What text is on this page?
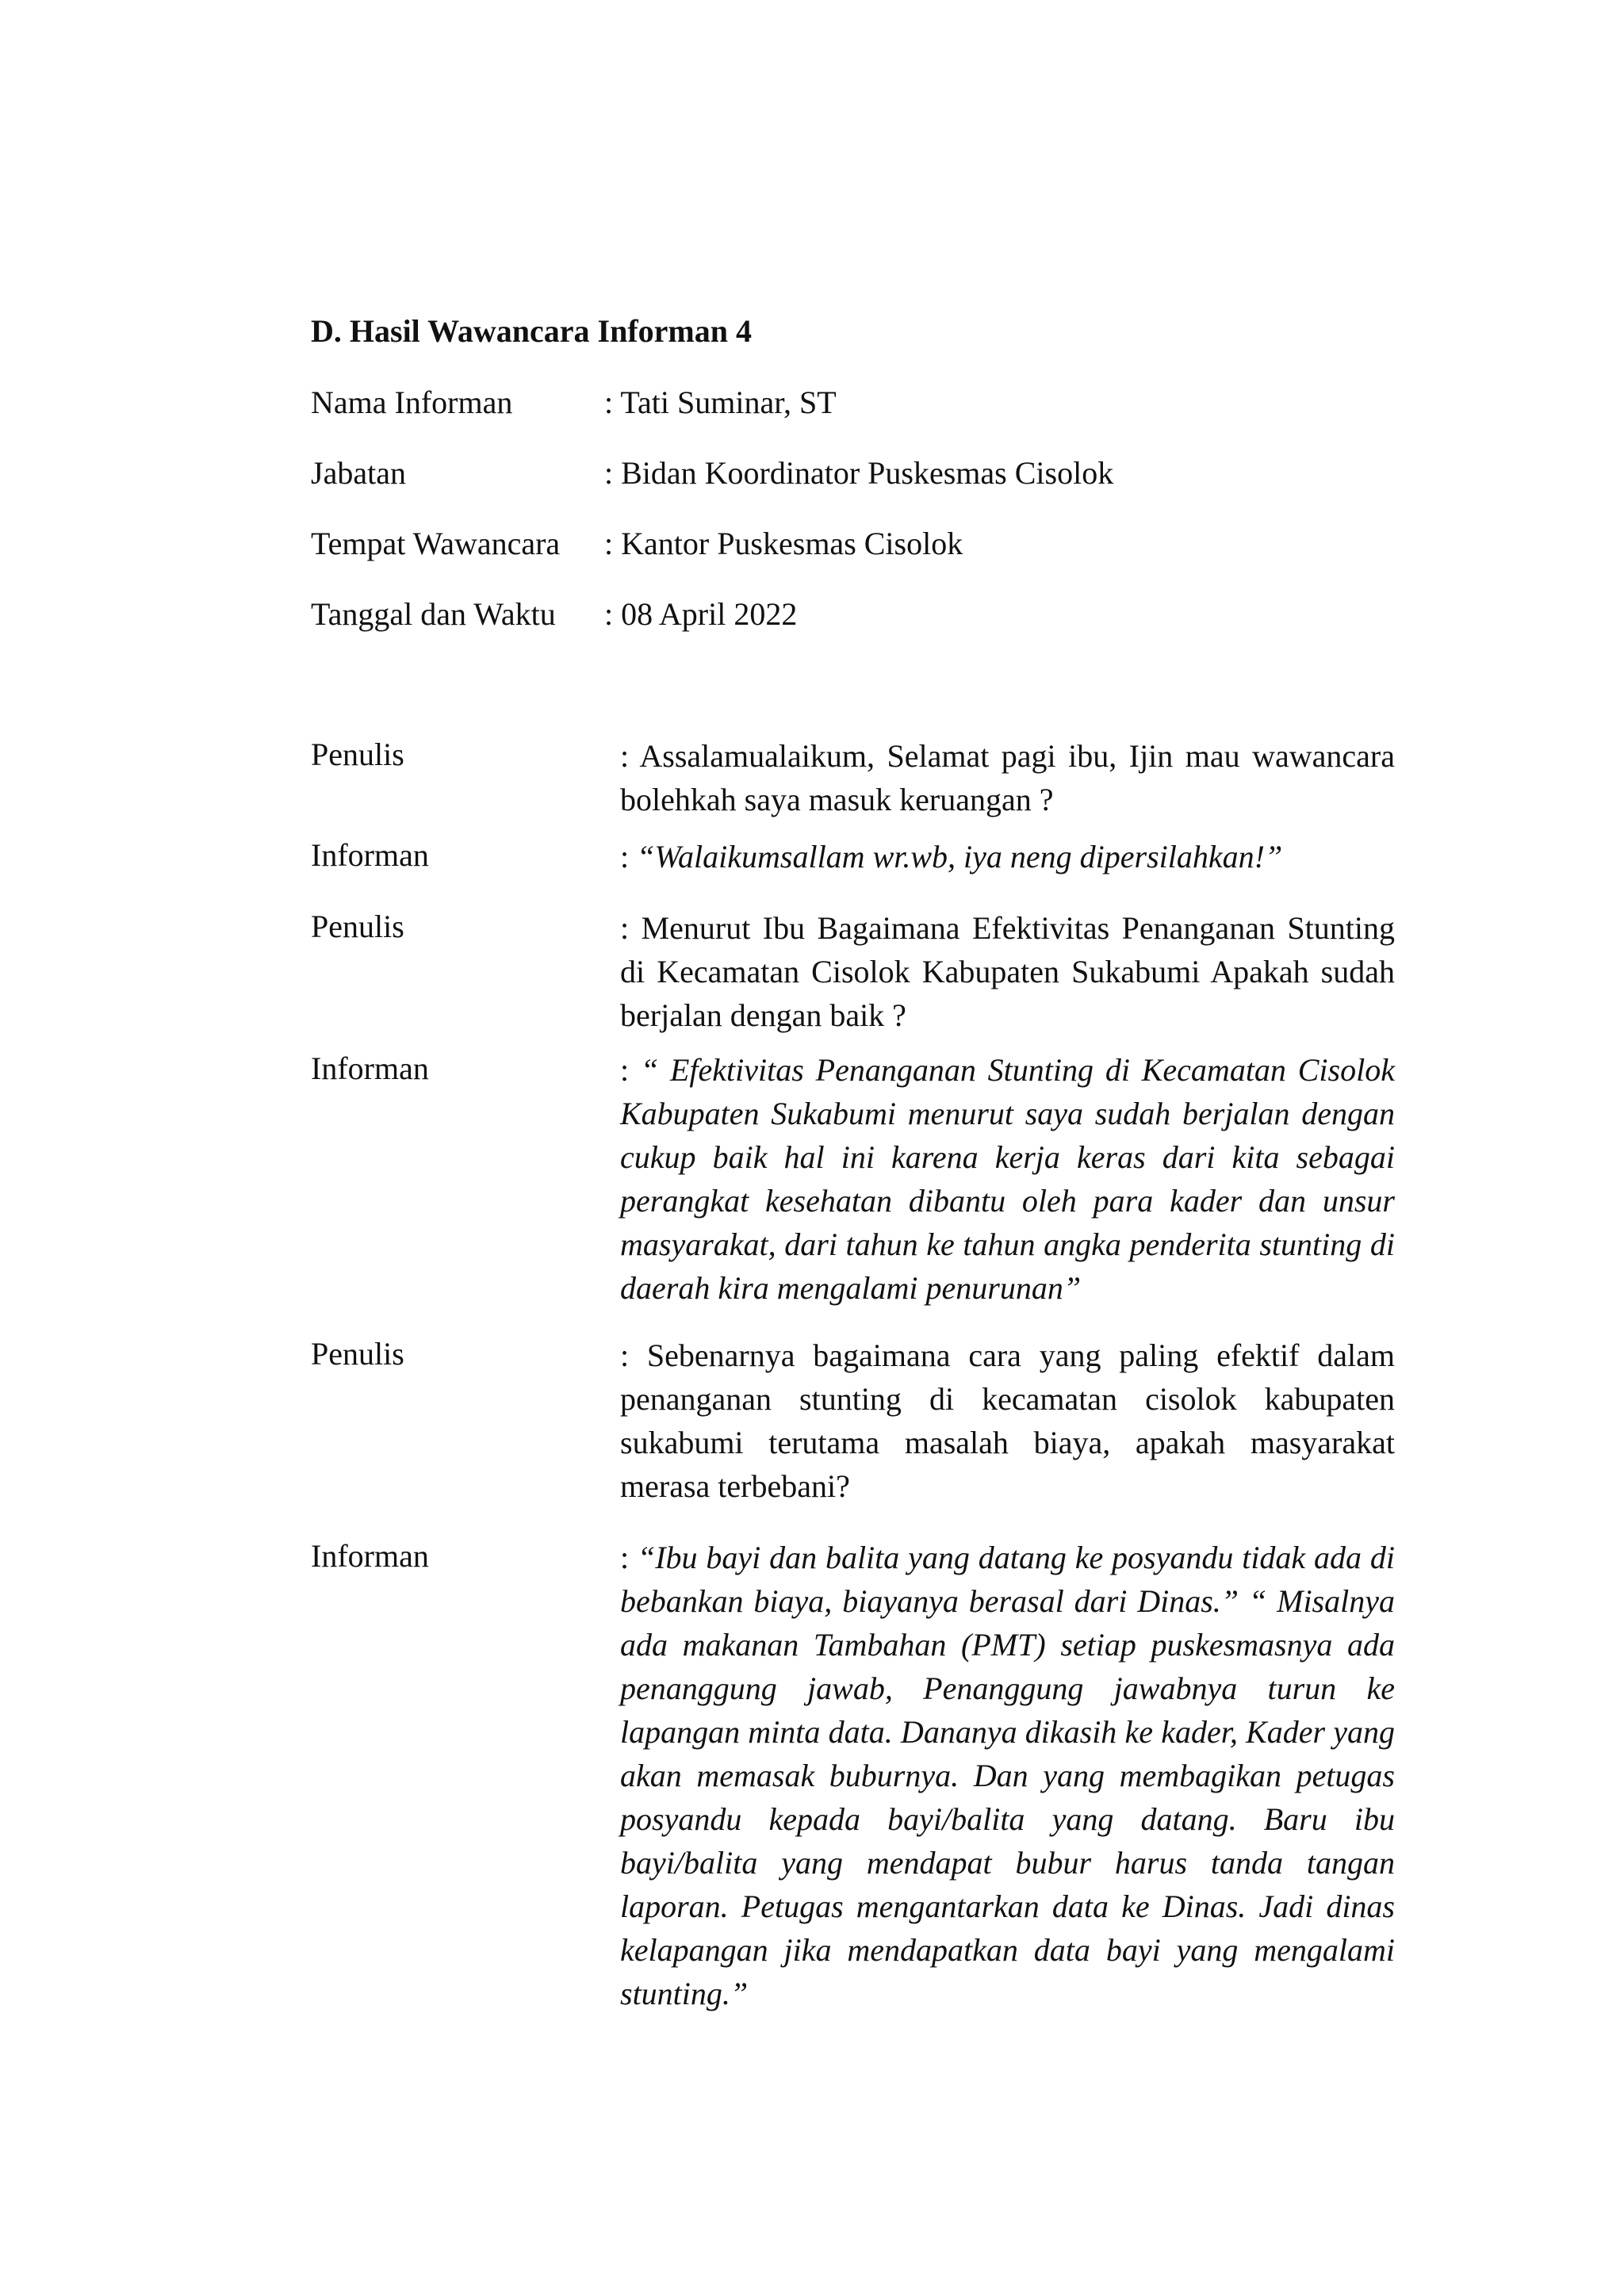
D. Hasil Wawancara Informan 4
Nama Informan	: Tati Suminar, ST
Jabatan	: Bidan Koordinator Puskesmas Cisolok
Tempat Wawancara : Kantor Puskesmas Cisolok
Tanggal dan Waktu : 08 April 2022
Penulis	: Assalamualaikum, Selamat pagi ibu, Ijin mau wawancara bolehkah saya masuk keruangan ?
Informan	: “Walaikumsallam wr.wb, iya neng dipersilahkan!”
Penulis	: Menurut Ibu Bagaimana Efektivitas Penanganan Stunting di Kecamatan Cisolok Kabupaten Sukabumi Apakah sudah berjalan dengan baik ?
Informan	: “ Efektivitas Penanganan Stunting di Kecamatan Cisolok Kabupaten Sukabumi menurut saya sudah berjalan dengan cukup baik hal ini karena kerja keras dari kita sebagai perangkat kesehatan dibantu oleh para kader dan unsur masyarakat, dari tahun ke tahun angka penderita stunting di daerah kira mengalami penurunan”
Penulis	: Sebenarnya bagaimana cara yang paling efektif dalam penanganan stunting di kecamatan cisolok kabupaten sukabumi terutama masalah biaya, apakah masyarakat merasa terbebani?
Informan	: “Ibu bayi dan balita yang datang ke posyandu tidak ada di bebankan biaya, biayanya berasal dari Dinas.” “ Misalnya ada makanan Tambahan (PMT) setiap puskesmasnya ada penanggung jawab, Penanggung jawabnya turun ke lapangan minta data. Dananya dikasih ke kader, Kader yang akan memasak buburnya. Dan yang membagikan petugas posyandu kepada bayi/balita yang datang. Baru ibu bayi/balita yang mendapat bubur harus tanda tangan laporan. Petugas mengantarkan data ke Dinas. Jadi dinas kelapangan jika mendapatkan data bayi yang mengalami stunting.”
